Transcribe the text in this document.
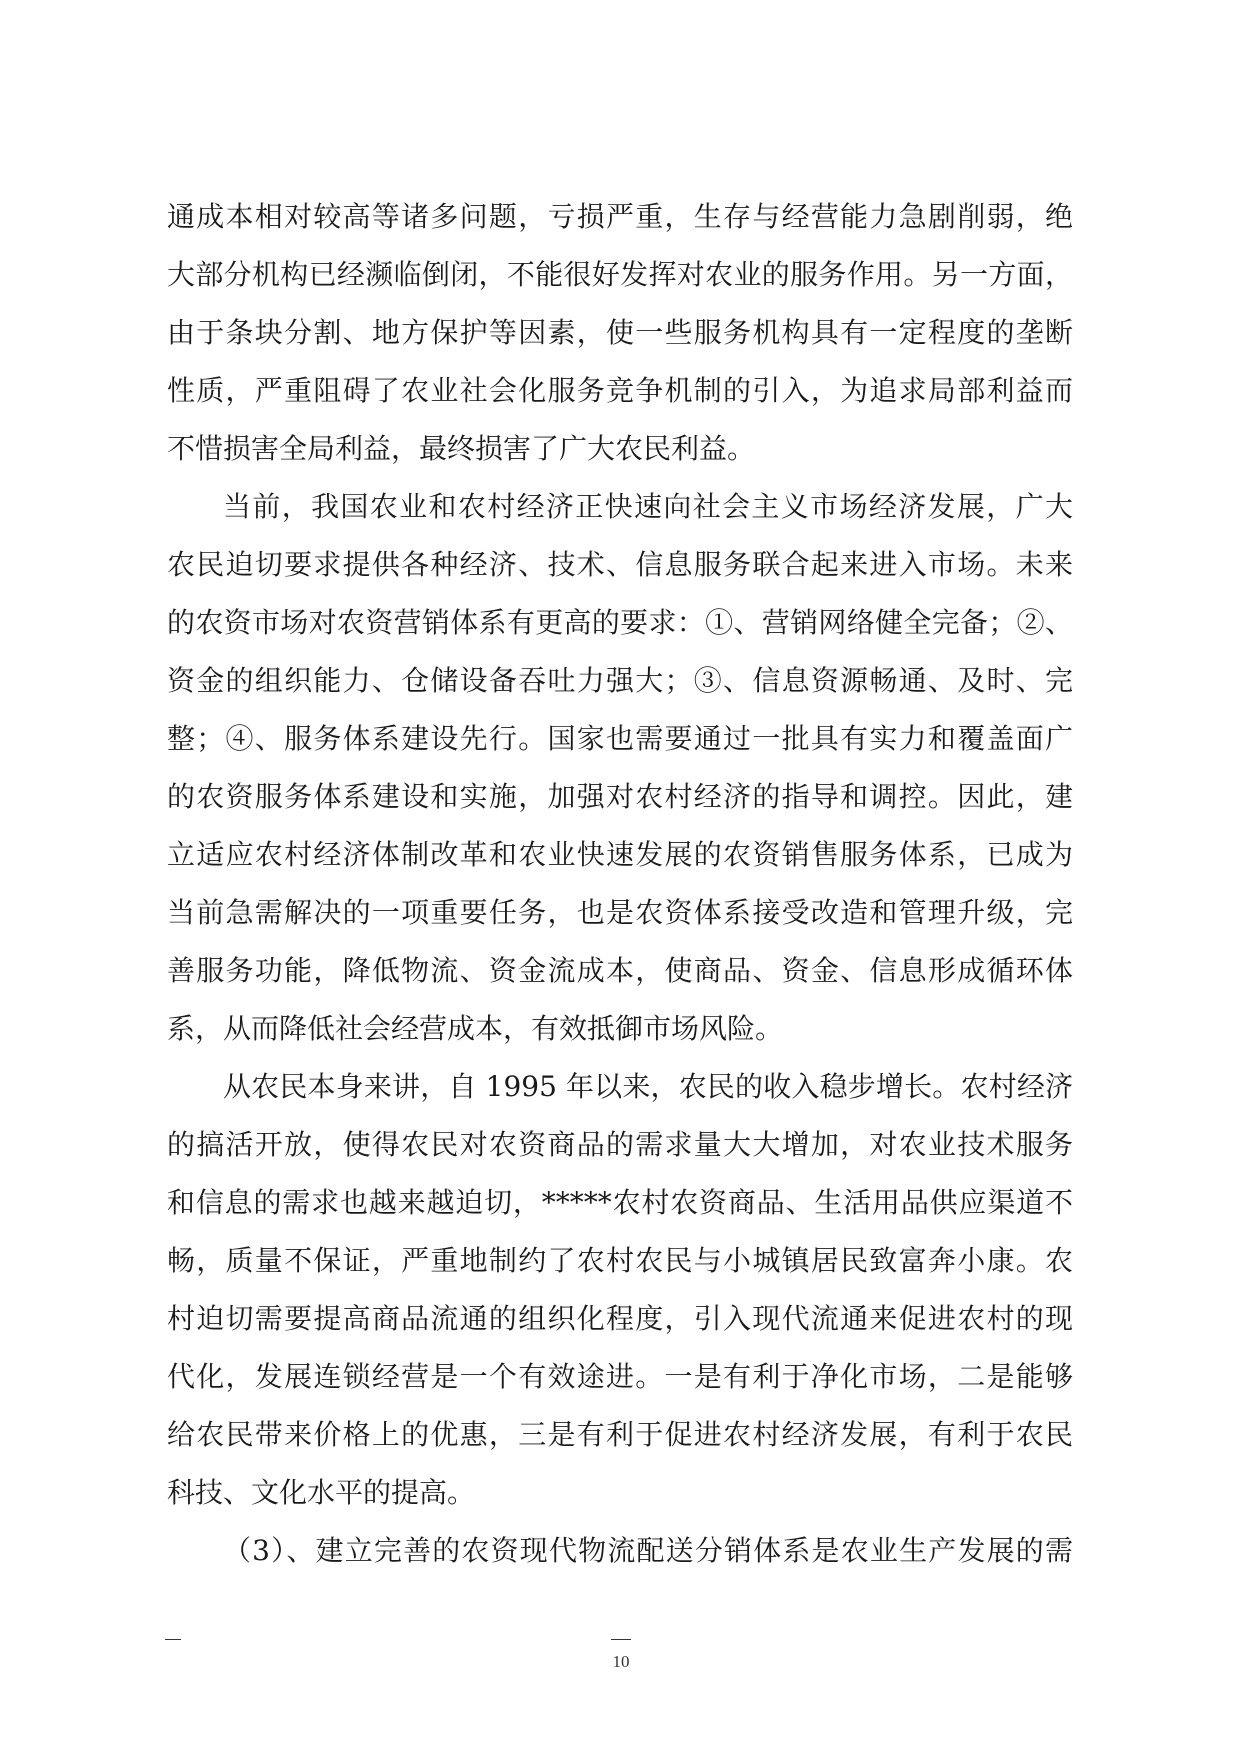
通成本相对较高等诸多问题，亏损严重，生存与经营能力急剧削弱，绝
大部分机构已经濒临倒闭，不能很好发挥对农业的服务作用。另一方面，
由于条块分割、地方保护等因素，使一些服务机构具有一定程度的垄断
性质，严重阻碍了农业社会化服务竞争机制的引入，为追求局部利益而
不惜损害全局利益，最终损害了广大农民利益。
当前，我国农业和农村经济正快速向社会主义市场经济发展，广大
农民迫切要求提供各种经济、技术、信息服务联合起来进入市场。未来
的农资市场对农资营销体系有更高的要求：①、营销网络健全完备；②、
资金的组织能力、仓储设备吞吐力强大；③、信息资源畅通、及时、完
整；④、服务体系建设先行。国家也需要通过一批具有实力和覆盖面广
的农资服务体系建设和实施，加强对农村经济的指导和调控。因此，建
立适应农村经济体制改革和农业快速发展的农资销售服务体系，已成为
当前急需解决的一项重要任务，也是农资体系接受改造和管理升级，完
善服务功能，降低物流、资金流成本，使商品、资金、信息形成循环体
系，从而降低社会经营成本，有效抵御市场风险。
从农民本身来讲，自 1995 年以来，农民的收入稳步增长。农村经济
的搞活开放，使得农民对农资商品的需求量大大增加，对农业技术服务
和信息的需求也越来越迫切，*****农村农资商品、生活用品供应渠道不
畅，质量不保证，严重地制约了农村农民与小城镇居民致富奔小康。农
村迫切需要提高商品流通的组织化程度，引入现代流通来促进农村的现
代化，发展连锁经营是一个有效途进。一是有利于净化市场，二是能够
给农民带来价格上的优惠，三是有利于促进农村经济发展，有利于农民
科技、文化水平的提高。
（3）、建立完善的农资现代物流配送分销体系是农业生产发展的需
10
